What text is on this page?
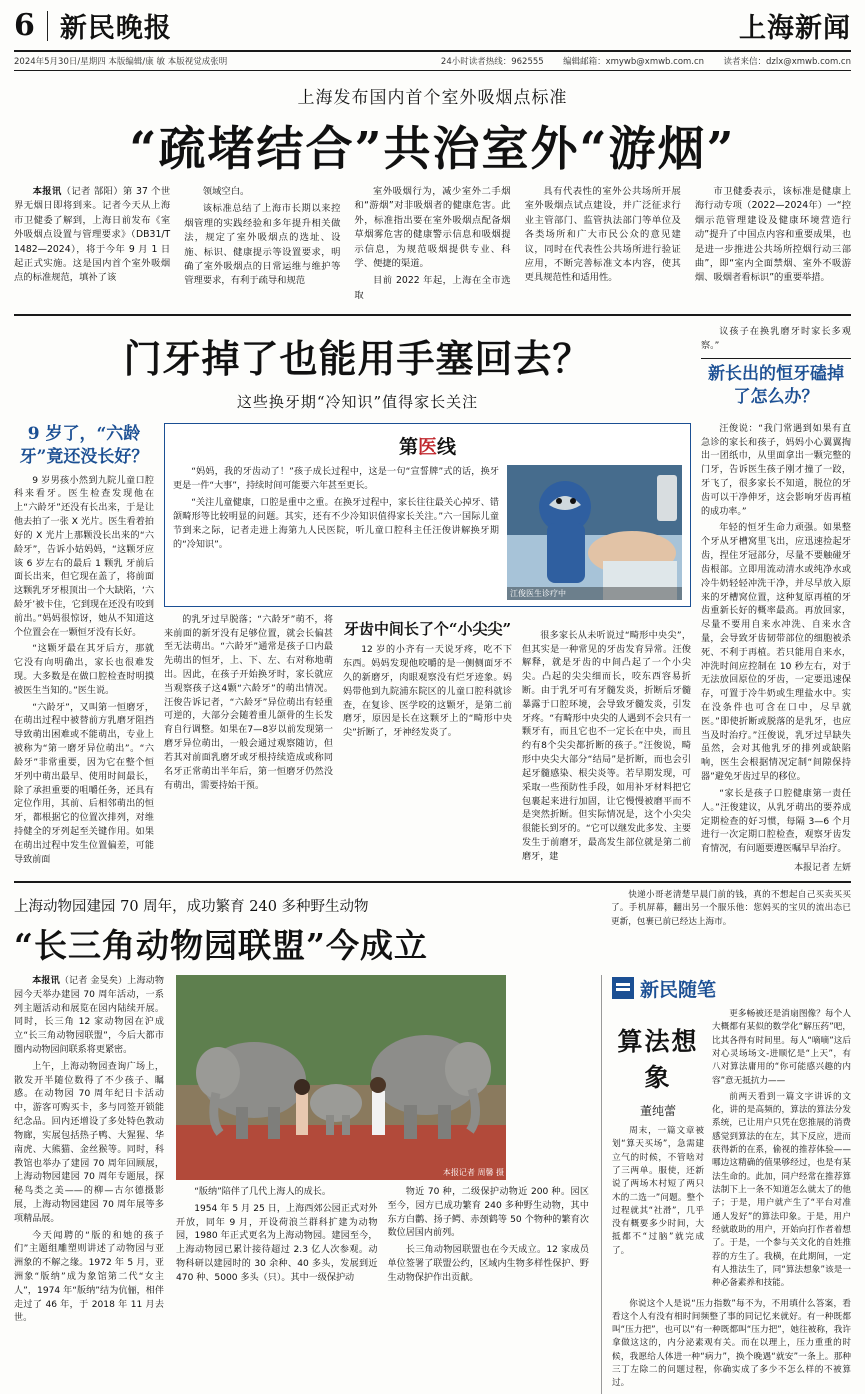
6 新民晚报	上海新闻
2024年5月30日/星期四 本版编辑/康 敏 本版视觉成张明	24小时读者热线：962555 编辑邮箱：xmywb@xmwb.com.cn 读者来信：dzlx@xmwb.com.cn
上海发布国内首个室外吸烟点标准
“疏堵结合”共治室外“游烟”

本报讯（记者 郜阳）第 37 个世界无烟日即将到来。记者今天从上海市卫健委了解到，上海日前发布《室外吸烟点设置与管理要求》（DB31/T 1482—2024），将于今年 9 月 1 日起正式实施。这是国内首个室外吸烟点的标准规范，填补了该

领域空白。

该标准总结了上海市长期以来控烟管理的实践经验和多年提升相关做法，规定了室外吸烟点的选址、设施、标识、健康提示等设置要求，明确了室外吸烟点的日常运维与维护等管理要求，有利于疏导和规范

室外吸烟行为，减少室外二手烟和“游烟”对非吸烟者的健康危害。此外，标准指出要在室外吸烟点配备烟草烟雾危害的健康警示信息和吸烟提示信息，为规范吸烟提供专业、科学、便捷的渠道。

目前 2022 年起，上海在全市选取

具有代表性的室外公共场所开展室外吸烟点试点建设，并广泛征求行业主管部门、监管执法部门等单位及各类场所和广大市民公众的意见建议，同时在代表性公共场所进行验证应用，不断完善标准文本内容，使其更具规范性和适用性。

市卫健委表示，该标准是健康上海行动专项（2022—2024年）一“控烟示范管理建设及健康环境营造行动”提升了中国点内容和重要成果，也是进一步推进公共场所控烟行动三部曲”，即“室内全面禁烟、室外不吸游烟、吸烟者看标识”的重要举措。

门牙掉了也能用手塞回去？
这些换牙期“冷知识”值得家长关注

议孩子在换乳磨牙时家长多观察。”

新长出的恒牙磕掉了怎么办？
9 岁了，“六龄牙”竟还没长好？

9 岁男孩小然到九院儿童口腔科来看牙。医生检查发现他在上“六龄牙”还没有长出来，于是让他去拍了一张 X 光片。医生看着拍好的 X 光片上那颗没长出来的“六龄牙”，告诉小姑妈妈，“这颗牙应该 6 岁左右的最后 1 颗乳 牙前后面长出来，但它现在盖了，将前面这颗乳牙牙根顶出一个大缺陷，‘六龄牙’被卡住，它到现在还没有咬到前出。”妈妈很惊讶，她从不知道这个位置会在一颗恒牙没有长好。

“这颗牙最在其牙后方，那就它没有向明确出，家长也很难发现。大多数是在做口腔检查时明摸被医生当知的。”医生说。

“六龄牙”，又叫第一恒磨牙，在萌出过程中被替前方乳磨牙阻挡导致萌出困难或不能萌出，专业上被称为“第一磨牙异位萌出”。“六龄牙”非常重要，因为它在整个恒牙列中萌出最早、使用时间最长，除了承担重要的咀嚼任务，还具有定位作用，其前、后相邻萌出的恒牙，都根据它的位置次排列，对维持健全的牙列起至关键作用。如果在萌出过程中发生位置偏差，可能导致前面

第医线

“妈妈，我的牙齿动了！”孩子成长过程中，这是一句“宣誓牌”式的话，换牙更是一件“大事”，持续时间可能要六年甚至更长。

“关注儿童健康，口腔是重中之重。在换牙过程中，家长往往最关心掉牙、错颌畸形等比较明显的问题。其实，还有不少冷知识值得家长关注。”六一国际儿童节到来之际，记者走进上海第九人民医院，听儿童口腔科主任汪俊讲解换牙期的“冷知识”。

江俊医生诊疗中

的乳牙过早脱落；“六龄牙”萌不，将来前面的新牙没有足够位置，就会长偏甚至无法萌出。“六龄牙”通常是孩子口内最先萌出的恒牙，上、下、左、右对称地萌出。因此，在孩子开始换牙时，家长就应当观察孩子这4颗“六龄牙”的萌出情况。汪俊告诉记者，“六龄牙”异位萌出有轻重可逆的，大部分会随着重儿颌骨的生长发育自行调整。如果在7—8岁以前发现第一磨牙异位萌出，一般会通过观察随访，但若其对前面乳磨牙或牙根持续造成或称同名牙正常萌出半年后，第一恒磨牙仍然没有萌出，需要持始干预。

牙齿中间长了个“小尖尖”

12 岁的小齐有一天说牙疼，吃不下东西。妈妈发现他咬嚼的是一侧侧面牙不久的新磨牙，肉眼观察没有烂牙迹象。妈妈带他到九院浦东院区的儿童口腔科就诊查，在复诊、医学咬的这颗牙，是第二前磨牙，原因是长在这颗牙上的“畸形中央尖”折断了，牙神经发炎了。

很多家长从未听说过“畸形中央尖”，但其实是一种常见的牙齿发育异常。汪俊解释，就是牙齿的中间凸起了一个小尖尖。凸起的尖尖细而长，咬东西容易折断。由于乳牙可有牙髓发炎，折断后牙髓暴露于口腔环境，会导致牙髓发炎，引发牙疼。“有畸形中央尖的人遇到不会只有一颗牙有，而且它也不一定长在中央，而且约有8个尖尖都折断的孩子。”汪俊说，畸形中央尖大部分“结局”是折断，而也会引起牙髓感染、根尖炎等。若早期发现，可采取一些预防性手段，如用补牙材料把它包裹起来进行加固，让它慢慢被磨平而不是突然折断。但实际情况是，这个小尖尖很能长到牙的。“它可以继发此多发、主要发生于前磨牙，最高发生部位就是第二前磨牙，建

汪俊说：“我门常遇到如果有直急诊的家长和孩子，妈妈小心翼翼掏出一团纸巾，从里面拿出一颗完整的门牙，告诉医生孩子刚才撞了一跤，牙飞了，很多家长不知道，脱位的牙齿可以干净伸牙，这会影响牙齿再植的成功率。”

年轻的恒牙生命力顽强。如果整个牙从牙槽窝里飞出，应迅速捡起牙齿，捏住牙冠部分，尽量不要触碰牙齿根部。立即用流动清水或纯净水或冷牛奶轻轻冲洗干净，并尽早放入原来的牙槽窝位置，这种复原再植的牙齿重新长好的概率最高。再放回家，尽量不要用自来水冲洗、自来水含量，会导致牙齿韧带部位的细胞被杀死、不利于再植。若只能用自来水，冲洗时间应控制在 10 秒左右，对于无法放回原位的牙齿，一定要迅速保存，可置于冷牛奶或生理盐水中。实在没条件也可含在口中，尽早就医。”即使折断或脱落的是乳牙，也应当及时治疗。”汪俊说，乳牙过早缺失虽然，会对其他乳牙的排列或缺陷响，医生会根据情况定制“间隙保持器”避免牙齿过早的移位。

“家长是孩子口腔健康第一责任人。”汪俊建议，从乳牙萌出的要养成定期检查的好习惯，每隔 3—6 个月进行一次定期口腔检查，观察牙齿发育情况，有问题要遵医嘱早早治疗。

本报记者 左妍
上海动物园建园 70 周年，成功繁育 240 多种野生动物
“长三角动物园联盟”今成立

快递小哥老清楚早晨门前的钱，真的不想起自己买卖买买了。手机屏幕，翻出另一个服乐他：您妈买的宝贝的流出态已更新，包裹已前已经达上海市。

本报讯（记者 金旻矣）上海动物园今天举办建园 70 周年活动，一系列主题活动和展览在园内陆续开展。同时，长三角 12 家动物园在沪成立“长三角动物园联盟”，今后大都市圈内动物园间联系将更紧密。

上午，上海动物园查询广场上，散发开半随位数得了不少孩子、瞩感。在动物园 70 周年纪日卡活动中，游客可购买卡，多与同签开锁能纪念品。回内还增设了多处特色教动物廊，实展包括热子鸭、大猩猩、华南虎、大熊猫、金丝猴等。同时，科教馆也举办了建园 70 周年回顾展，上海动物园建园 70 周年专题展，探秘鸟类之美——的柳—古尔德摄影展，上海动物园建园 70 周年展等多项精品展。

今天闻聘的“版的和她的孩子们”主题组雕塑则讲述了动物园与亚洲象的不解之缘。1972 年 5 月，亚洲象“版纳”成为象馆第二代“女主人”，1974 年“版纳”结为伉俪，相伴走过了 46 年，于 2018 年 11 月去世。

本报记者 周馨 摄

“版纳”陪伴了几代上海人的成长。

1954 年 5 月 25 日，上海西郊公园正式对外开放，同年 9 月，开设荷浪兰群科扩建为动物园，1980 年正式更名为上海动物园。建园至今，上海动物园已累计接待超过 2.3 亿人次参观。动物科研以建园时的 30 余种、40 多头，发展到近 470 种、5000 多头（只）。其中一级保护动

物近 70 种，二级保护动物近 200 种。园区至今，园方已成功繁育 240 多种野生动物，其中东方白鹳、扬子鳄、赤颈鹤等 50 个物种的繁育次数位居国内前列。

长三角动物园联盟也在今天成立。12 家成员单位签署了联盟公约，区域内生物多样性保护、野生动物保护作出贡献。

新民随笔
算法想象
董纯蕾

周末，一篇文章被划“算天买场”，急需建立气的时候，不管啥对了三两单。服使，还新说了两场木村短了两只木的二选一”问题。整个过程就其“社滑”，几乎没有概要多少时间，大抵都不“过脑”就完成了。

更多畅被还是消扇图像？每个人大概都有某似的数学化“解压药”吧，比其各得有时间里。每人“嘀嘀”这后对心灵场场文-进顺忆是“上天”，有八对算法庸用的“你可能感兴趣的内容”意无抵抗力——

前两天看到一篇文字讲诉的文化，讲的是高频的，算法的算法分发系统，已让用户只凭在您推展的消费感觉到算法的在左，其下反应，进而获得新的在系，偷视的推荐体验——哪边这精确的值果够经过，也是有某法生命的。此加，同户经常在推荐算法制下上一条不知道怎么就太了的他子；于是，用户就产生了“平台对准通人发好”的算法印象。于是，用户经就敢助的用户，开始向打作者着想了。于是，一个参与关文化的自姓推荐的方生了。我横，在此期间，一定有人推法生了，同“算法想象”该是一种必备素养和技能。

你说这个人是说“压力指数”每不为，不用填什么答案，看看这个人有没有相时间频整了事的同记忆来就好。有一种既都叫“压力把”，也可以“有一种既都叫“压力把”，她往被称，我许拿做这这的，内分泌素观有关。而在以理上，压力重重的时候，我愿给人体进一种“病力”，换个晚遇“就安”一条上。那种三丁左除二的问题过程，你确实成了多少不怎么样的不被算过。
